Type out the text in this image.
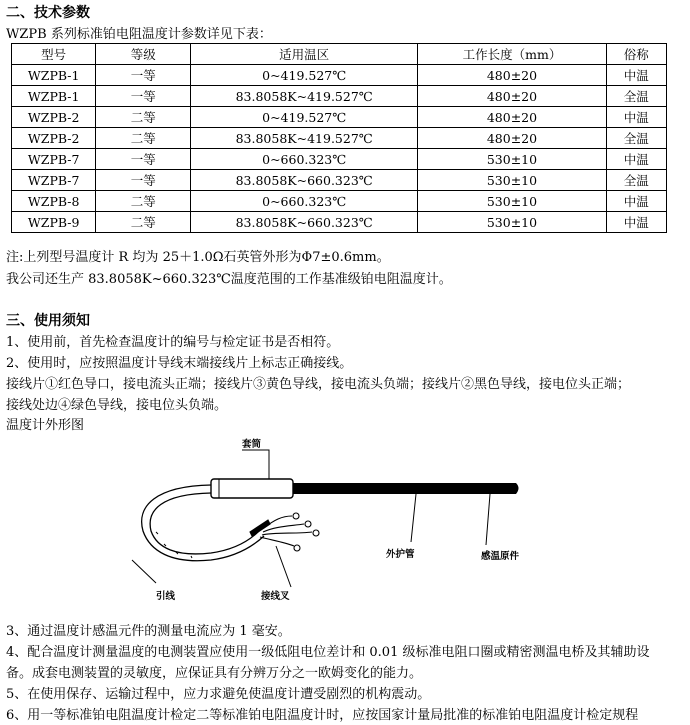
二、技术参数
WZPB 系列标准铂电阻温度计参数详见下表：
型号	等级	适用温区	工作长度（mm）	俗称
WZPB-1	一等	0~419.527℃	480±20	中温
WZPB-1	一等	83.8058K~419.527℃	480±20	全温
WZPB-2	二等	0~419.527℃	480±20	中温
WZPB-2	二等	83.8058K~419.527℃	480±20	全温
WZPB-7	一等	0~660.323℃	530±10	中温
WZPB-7	一等	83.8058K~660.323℃	530±10	全温
WZPB-8	二等	0~660.323℃	530±10	中温
WZPB-9	二等	83.8058K~660.323℃	530±10	中温
注:上列型号温度计 R 均为 25＋1.0Ω石英管外形为Φ7±0.6mm。
我公司还生产 83.8058K~660.323℃温度范围的工作基准级铂电阻温度计。
三、使用须知
1、使用前，首先检查温度计的编号与检定证书是否相符。
2、使用时，应按照温度计导线末端接线片上标志正确接线。
接线片①红色导口，接电流头正端；接线片③黄色导线，接电流头负端；接线片②黑色导线，接电位头正端；
接线处边④绿色导线，接电位头负端。
温度计外形图
套筒
外护管	感温原件
引线	接线叉
3、通过温度计感温元件的测量电流应为 1 毫安。
4、配合温度计测量温度的电测装置应使用一级低阻电位差计和 0.01 级标准电阻口圈或精密测温电桥及其辅助设
备。成套电测装置的灵敏度，应保证具有分辨万分之一欧姆变化的能力。
5、在使用保存、运输过程中，应力求避免使温度计遭受剧烈的机构震动。
6、用一等标准铂电阻温度计检定二等标准铂电阻温度计时，应按国家计量局批准的标准铂电阻温度计检定规程
